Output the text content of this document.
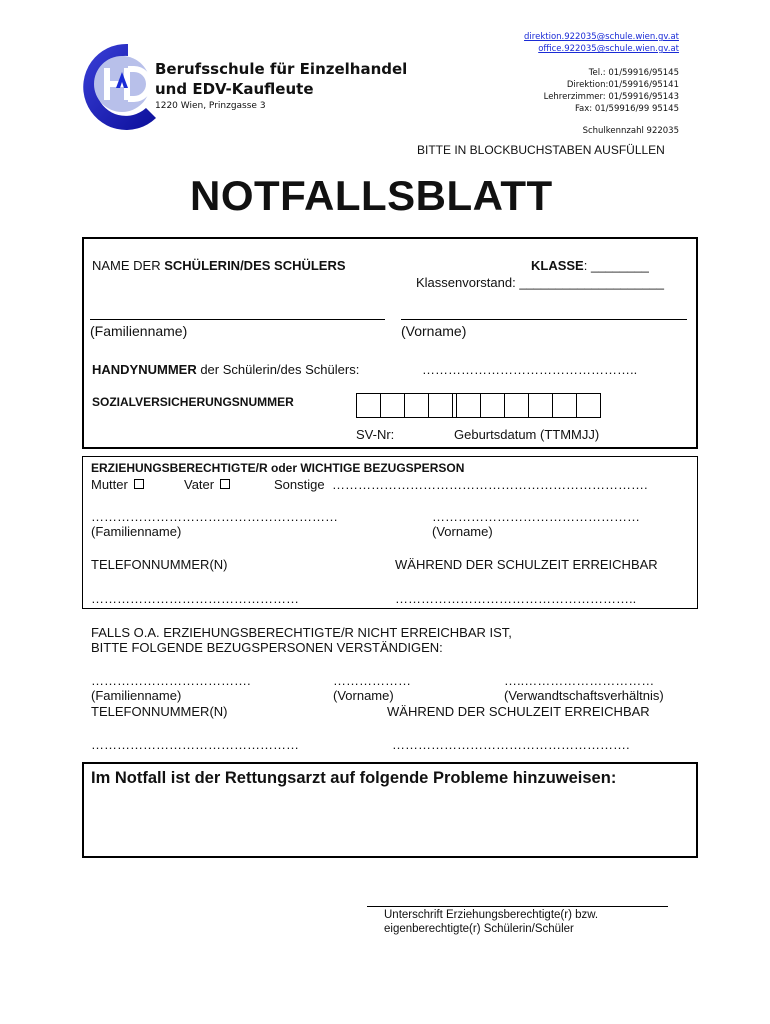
Berufsschule für Einzelhandel
und EDV-Kaufleute
1220 Wien, Prinzgasse 3
direktion.922035@schule.wien.gv.at
office.922035@schule.wien.gv.at
Tel.: 01/59916/95145
Direktion:01/59916/95141
Lehrerzimmer: 01/59916/95143
Fax: 01/59916/99 95145
Schulkennzahl 922035
BITTE IN BLOCKBUCHSTABEN AUSFÜLLEN
NOTFALLSBLATT
NAME DER SCHÜLERIN/DES SCHÜLERS	KLASSE: ________
Klassenvorstand: ____________________
(Familienname)	(Vorname)
HANDYNUMMER der Schülerin/des Schülers:	…………………………………………..
SOZIALVERSICHERUNGSNUMMER
SV-Nr:	Geburtsdatum (TTMMJJ)
ERZIEHUNGSBERECHTIGTE/R oder WICHTIGE BEZUGSPERSON
Mutter	Vater	Sonstige ……………………………………………………………….
…………………………………………………	…………………………………………
(Familienname)	(Vorname)
TELEFONNUMMER(N)	WÄHREND DER SCHULZEIT ERREICHBAR
…………………………………………	………………………………………………..
FALLS O.A. ERZIEHUNGSBERECHTIGTE/R NICHT ERREICHBAR IST,
BITTE FOLGENDE BEZUGSPERSONEN VERSTÄNDIGEN:
……………………………….	………………	…..…………………………
(Familienname)	(Vorname)	(Verwandtschaftsverhältnis)
TELEFONNUMMER(N)	WÄHREND DER SCHULZEIT ERREICHBAR
…………………………………………	……………………………………………….
Im Notfall ist der Rettungsarzt auf folgende Probleme hinzuweisen:
Unterschrift Erziehungsberechtigte(r) bzw.
eigenberechtigte(r) Schülerin/Schüler
